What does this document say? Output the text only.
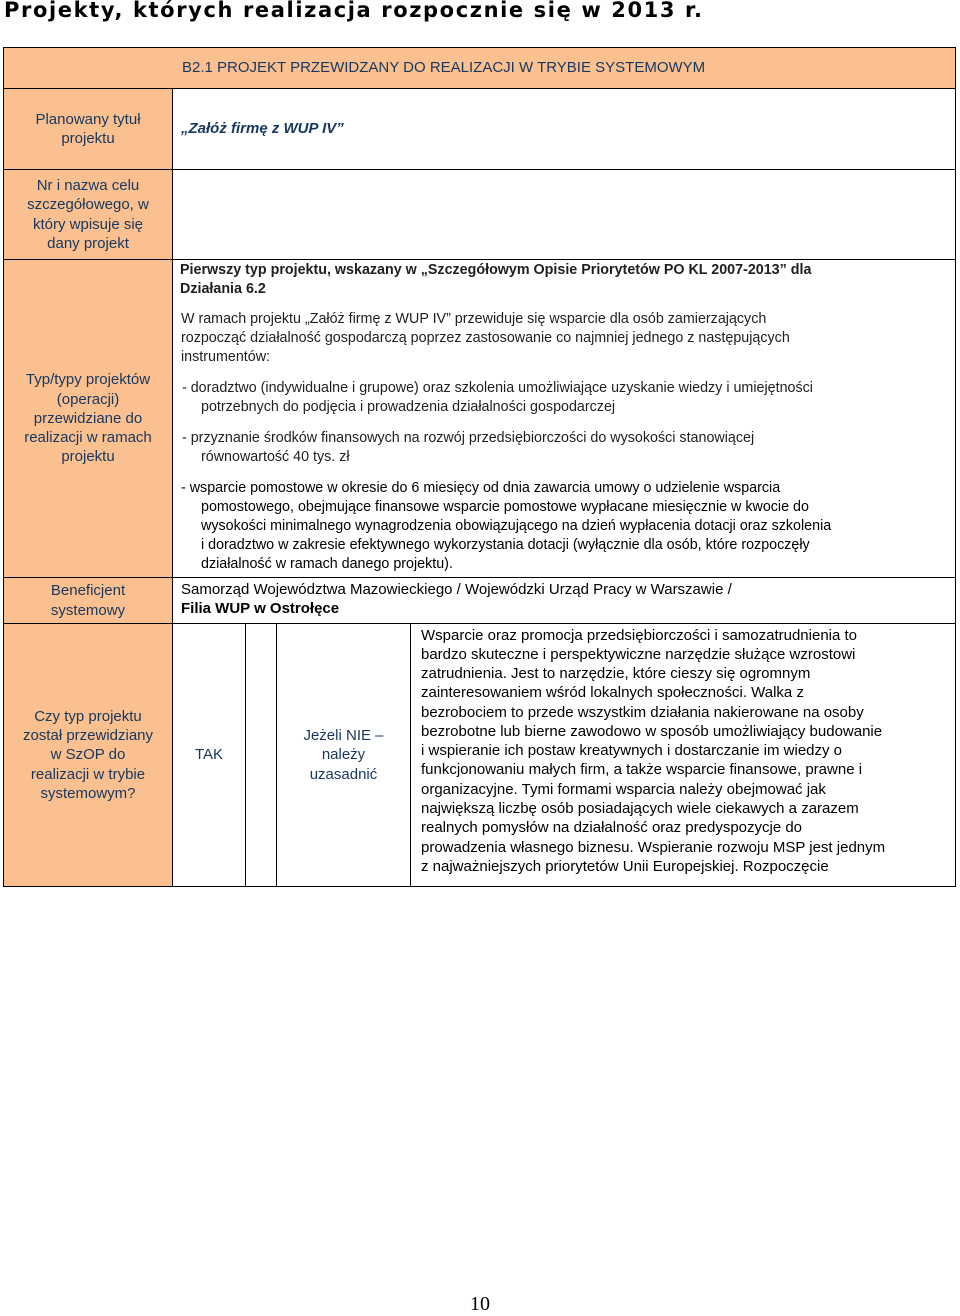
Projekty, których realizacja rozpocznie się w 2013 r.
B2.1 PROJEKT PRZEWIDZANY DO REALIZACJI W TRYBIE SYSTEMOWYM
Planowany tytuł
projektu
Nr i nazwa celu
szczegółowego, w
który wpisuje się
dany projekt
Typ/typy projektów
(operacji)
przewidziane do
realizacji w ramach
projektu
Beneficjent
systemowy
Czy typ projektu
został przewidziany
w SzOP do
realizacji w trybie
systemowym?
„Załóż firmę z WUP IV”
Pierwszy typ projektu, wskazany w „Szczegółowym Opisie Priorytetów PO KL 2007-2013” dla
Działania 6.2
W ramach projektu „Załóż firmę z WUP IV” przewiduje się wsparcie dla osób zamierzających
rozpocząć działalność gospodarczą poprzez zastosowanie co najmniej jednego z następujących
instrumentów:
- doradztwo (indywidualne i grupowe) oraz szkolenia umożliwiające uzyskanie wiedzy i umiejętności
potrzebnych do podjęcia i prowadzenia działalności gospodarczej
- przyznanie środków finansowych na rozwój przedsiębiorczości do wysokości stanowiącej
równowartość 40 tys. zł
- wsparcie pomostowe w okresie do 6 miesięcy od dnia zawarcia umowy o udzielenie wsparcia
pomostowego, obejmujące finansowe wsparcie pomostowe wypłacane miesięcznie w kwocie do
wysokości minimalnego wynagrodzenia obowiązującego na dzień wypłacenia dotacji oraz szkolenia
i doradztwo w zakresie efektywnego wykorzystania dotacji (wyłącznie dla osób, które rozpoczęły
działalność w ramach danego projektu).
Samorząd Województwa Mazowieckiego / Wojewódzki Urząd Pracy w Warszawie /
Filia WUP w Ostrołęce
TAK
Jeżeli NIE –
należy
uzasadnić
Wsparcie oraz promocja przedsiębiorczości i samozatrudnienia to
bardzo skuteczne i perspektywiczne narzędzie służące wzrostowi
zatrudnienia. Jest to narzędzie, które cieszy się ogromnym
zainteresowaniem wśród lokalnych społeczności. Walka z
bezrobociem to przede wszystkim działania nakierowane na osoby
bezrobotne lub bierne zawodowo w sposób umożliwiający budowanie
i wspieranie ich postaw kreatywnych i dostarczanie im wiedzy o
funkcjonowaniu małych firm, a także wsparcie finansowe, prawne i
organizacyjne. Tymi formami wsparcia należy obejmować jak
największą liczbę osób posiadających wiele ciekawych a zarazem
realnych pomysłów na działalność oraz predyspozycje do
prowadzenia własnego biznesu. Wspieranie rozwoju MSP jest jednym
z najważniejszych priorytetów Unii Europejskiej. Rozpoczęcie
10
